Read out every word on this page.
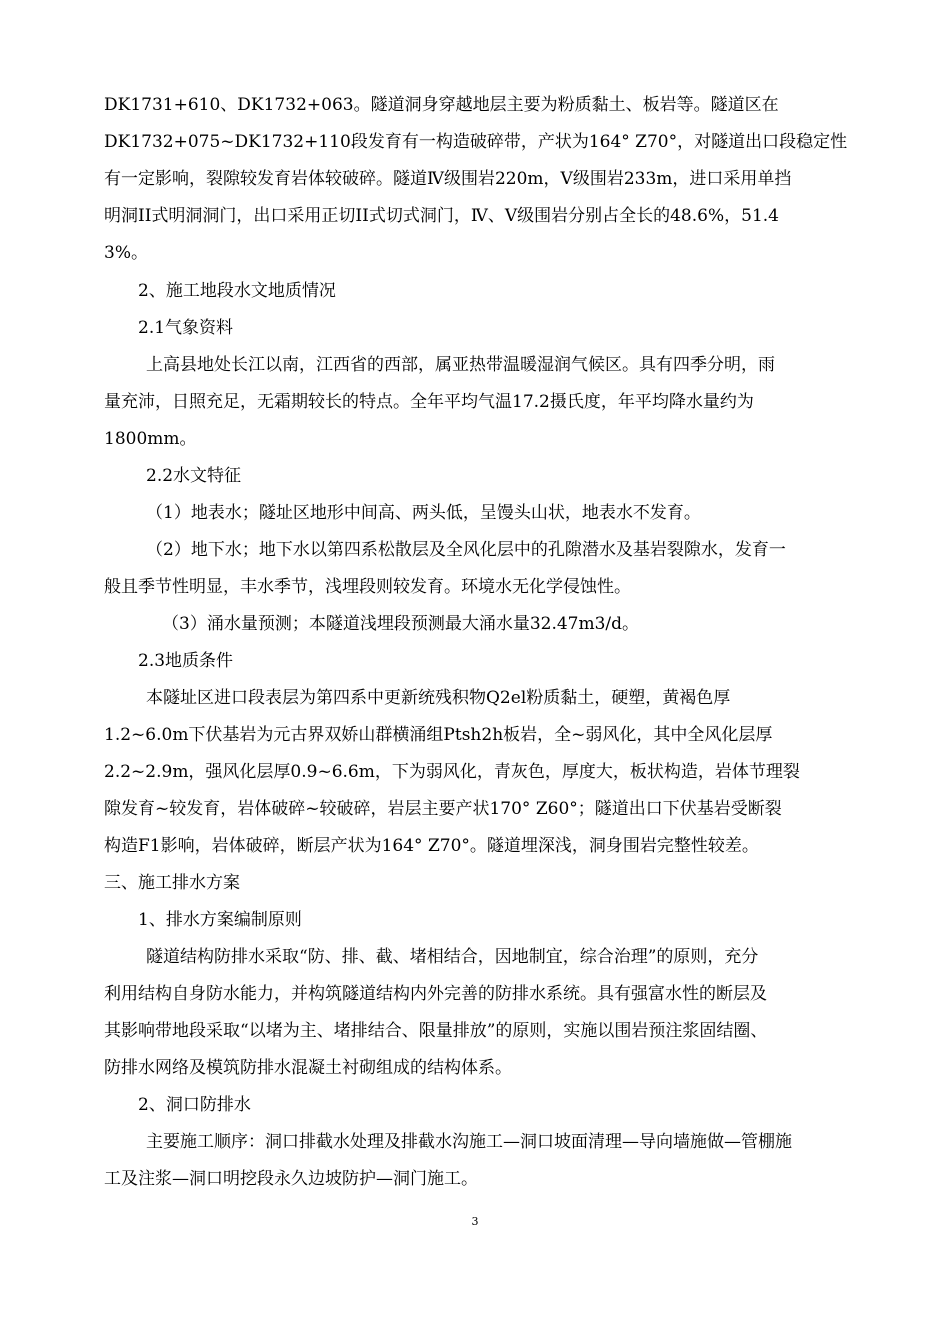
DK1731+610、DK1732+063。隧道洞身穿越地层主要为粉质黏土、板岩等。隧道区在
DK1732+075~DK1732+110段发育有一构造破碎带，产状为164° Z70°，对隧道出口段稳定性
有一定影响，裂隙较发育岩体较破碎。隧道Ⅳ级围岩220m，Ⅴ级围岩233m，进口采用单挡
明洞II式明洞洞门，出口采用正切II式切式洞门，Ⅳ、Ⅴ级围岩分别占全长的48.6%，51.4
3%。
2、施工地段水文地质情况
2.1气象资料
上高县地处长江以南，江西省的西部，属亚热带温暖湿润气候区。具有四季分明，雨
量充沛，日照充足，无霜期较长的特点。全年平均气温17.2摄氏度，年平均降水量约为
1800mm。
2.2水文特征
（1）地表水；隧址区地形中间高、两头低，呈馒头山状，地表水不发育。
（2）地下水；地下水以第四系松散层及全风化层中的孔隙潜水及基岩裂隙水，发育一
般且季节性明显，丰水季节，浅埋段则较发育。环境水无化学侵蚀性。
（3）涌水量预测；本隧道浅埋段预测最大涌水量32.47m3/d。
2.3地质条件
本隧址区进口段表层为第四系中更新统残积物Q2el粉质黏土，硬塑，黄褐色厚
1.2~6.0m下伏基岩为元古界双娇山群横涌组Ptsh2h板岩，全~弱风化，其中全风化层厚
2.2~2.9m，强风化层厚0.9~6.6m，下为弱风化，青灰色，厚度大，板状构造，岩体节理裂
隙发育~较发育，岩体破碎~较破碎，岩层主要产状170° Z60°；隧道出口下伏基岩受断裂
构造F1影响，岩体破碎，断层产状为164° Z70°。隧道埋深浅，洞身围岩完整性较差。
三、施工排水方案
1、排水方案编制原则
隧道结构防排水采取“防、排、截、堵相结合，因地制宜，综合治理”的原则，充分
利用结构自身防水能力，并构筑隧道结构内外完善的防排水系统。具有强富水性的断层及
其影响带地段采取“以堵为主、堵排结合、限量排放”的原则，实施以围岩预注浆固结圈、
防排水网络及模筑防排水混凝土衬砌组成的结构体系。
2、洞口防排水
主要施工顺序：洞口排截水处理及排截水沟施工—洞口坡面清理—导向墙施做—管棚施
工及注浆—洞口明挖段永久边坡防护—洞门施工。
3
